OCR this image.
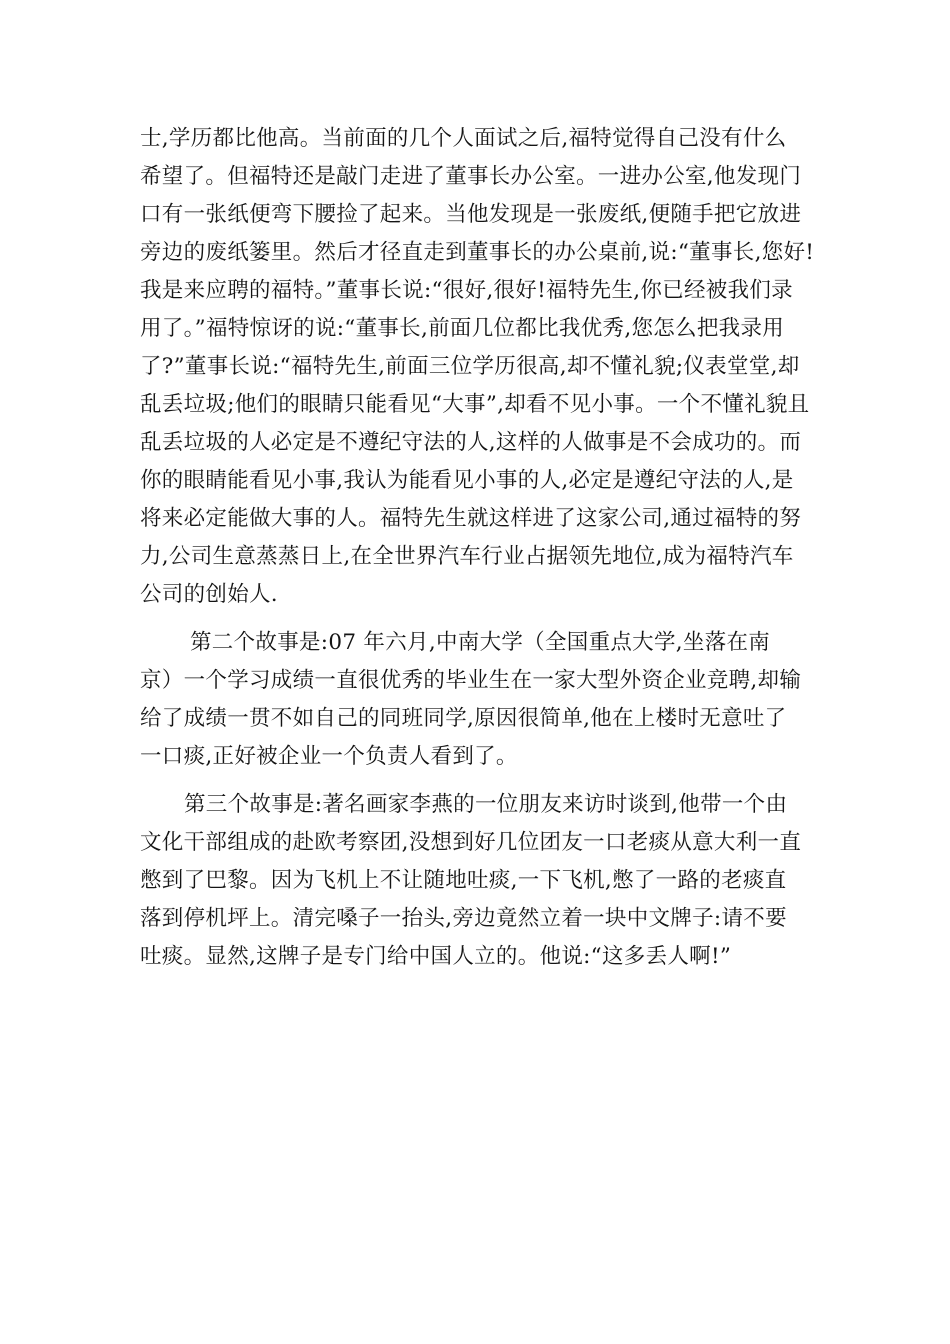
士,学历都比他高。当前面的几个人面试之后,福特觉得自己没有什么
希望了。但福特还是敲门走进了董事长办公室。一进办公室,他发现门
口有一张纸便弯下腰捡了起来。当他发现是一张废纸,便随手把它放进
旁边的废纸篓里。然后才径直走到董事长的办公桌前,说:“董事长,您好!
我是来应聘的福特。”董事长说:“很好,很好!福特先生,你已经被我们录
用了。”福特惊讶的说:“董事长,前面几位都比我优秀,您怎么把我录用
了?”董事长说:“福特先生,前面三位学历很高,却不懂礼貌;仪表堂堂,却
乱丢垃圾;他们的眼睛只能看见“大事”,却看不见小事。一个不懂礼貌且
乱丢垃圾的人必定是不遵纪守法的人,这样的人做事是不会成功的。而
你的眼睛能看见小事,我认为能看见小事的人,必定是遵纪守法的人,是
将来必定能做大事的人。福特先生就这样进了这家公司,通过福特的努
力,公司生意蒸蒸日上,在全世界汽车行业占据领先地位,成为福特汽车
公司的创始人.
第二个故事是:07 年六月,中南大学（全国重点大学,坐落在南
京）一个学习成绩一直很优秀的毕业生在一家大型外资企业竞聘,却输
给了成绩一贯不如自己的同班同学,原因很简单,他在上楼时无意吐了
一口痰,正好被企业一个负责人看到了。
第三个故事是:著名画家李燕的一位朋友来访时谈到,他带一个由
文化干部组成的赴欧考察团,没想到好几位团友一口老痰从意大利一直
憋到了巴黎。因为飞机上不让随地吐痰,一下飞机,憋了一路的老痰直
落到停机坪上。清完嗓子一抬头,旁边竟然立着一块中文牌子:请不要
吐痰。显然,这牌子是专门给中国人立的。他说:“这多丢人啊!”
